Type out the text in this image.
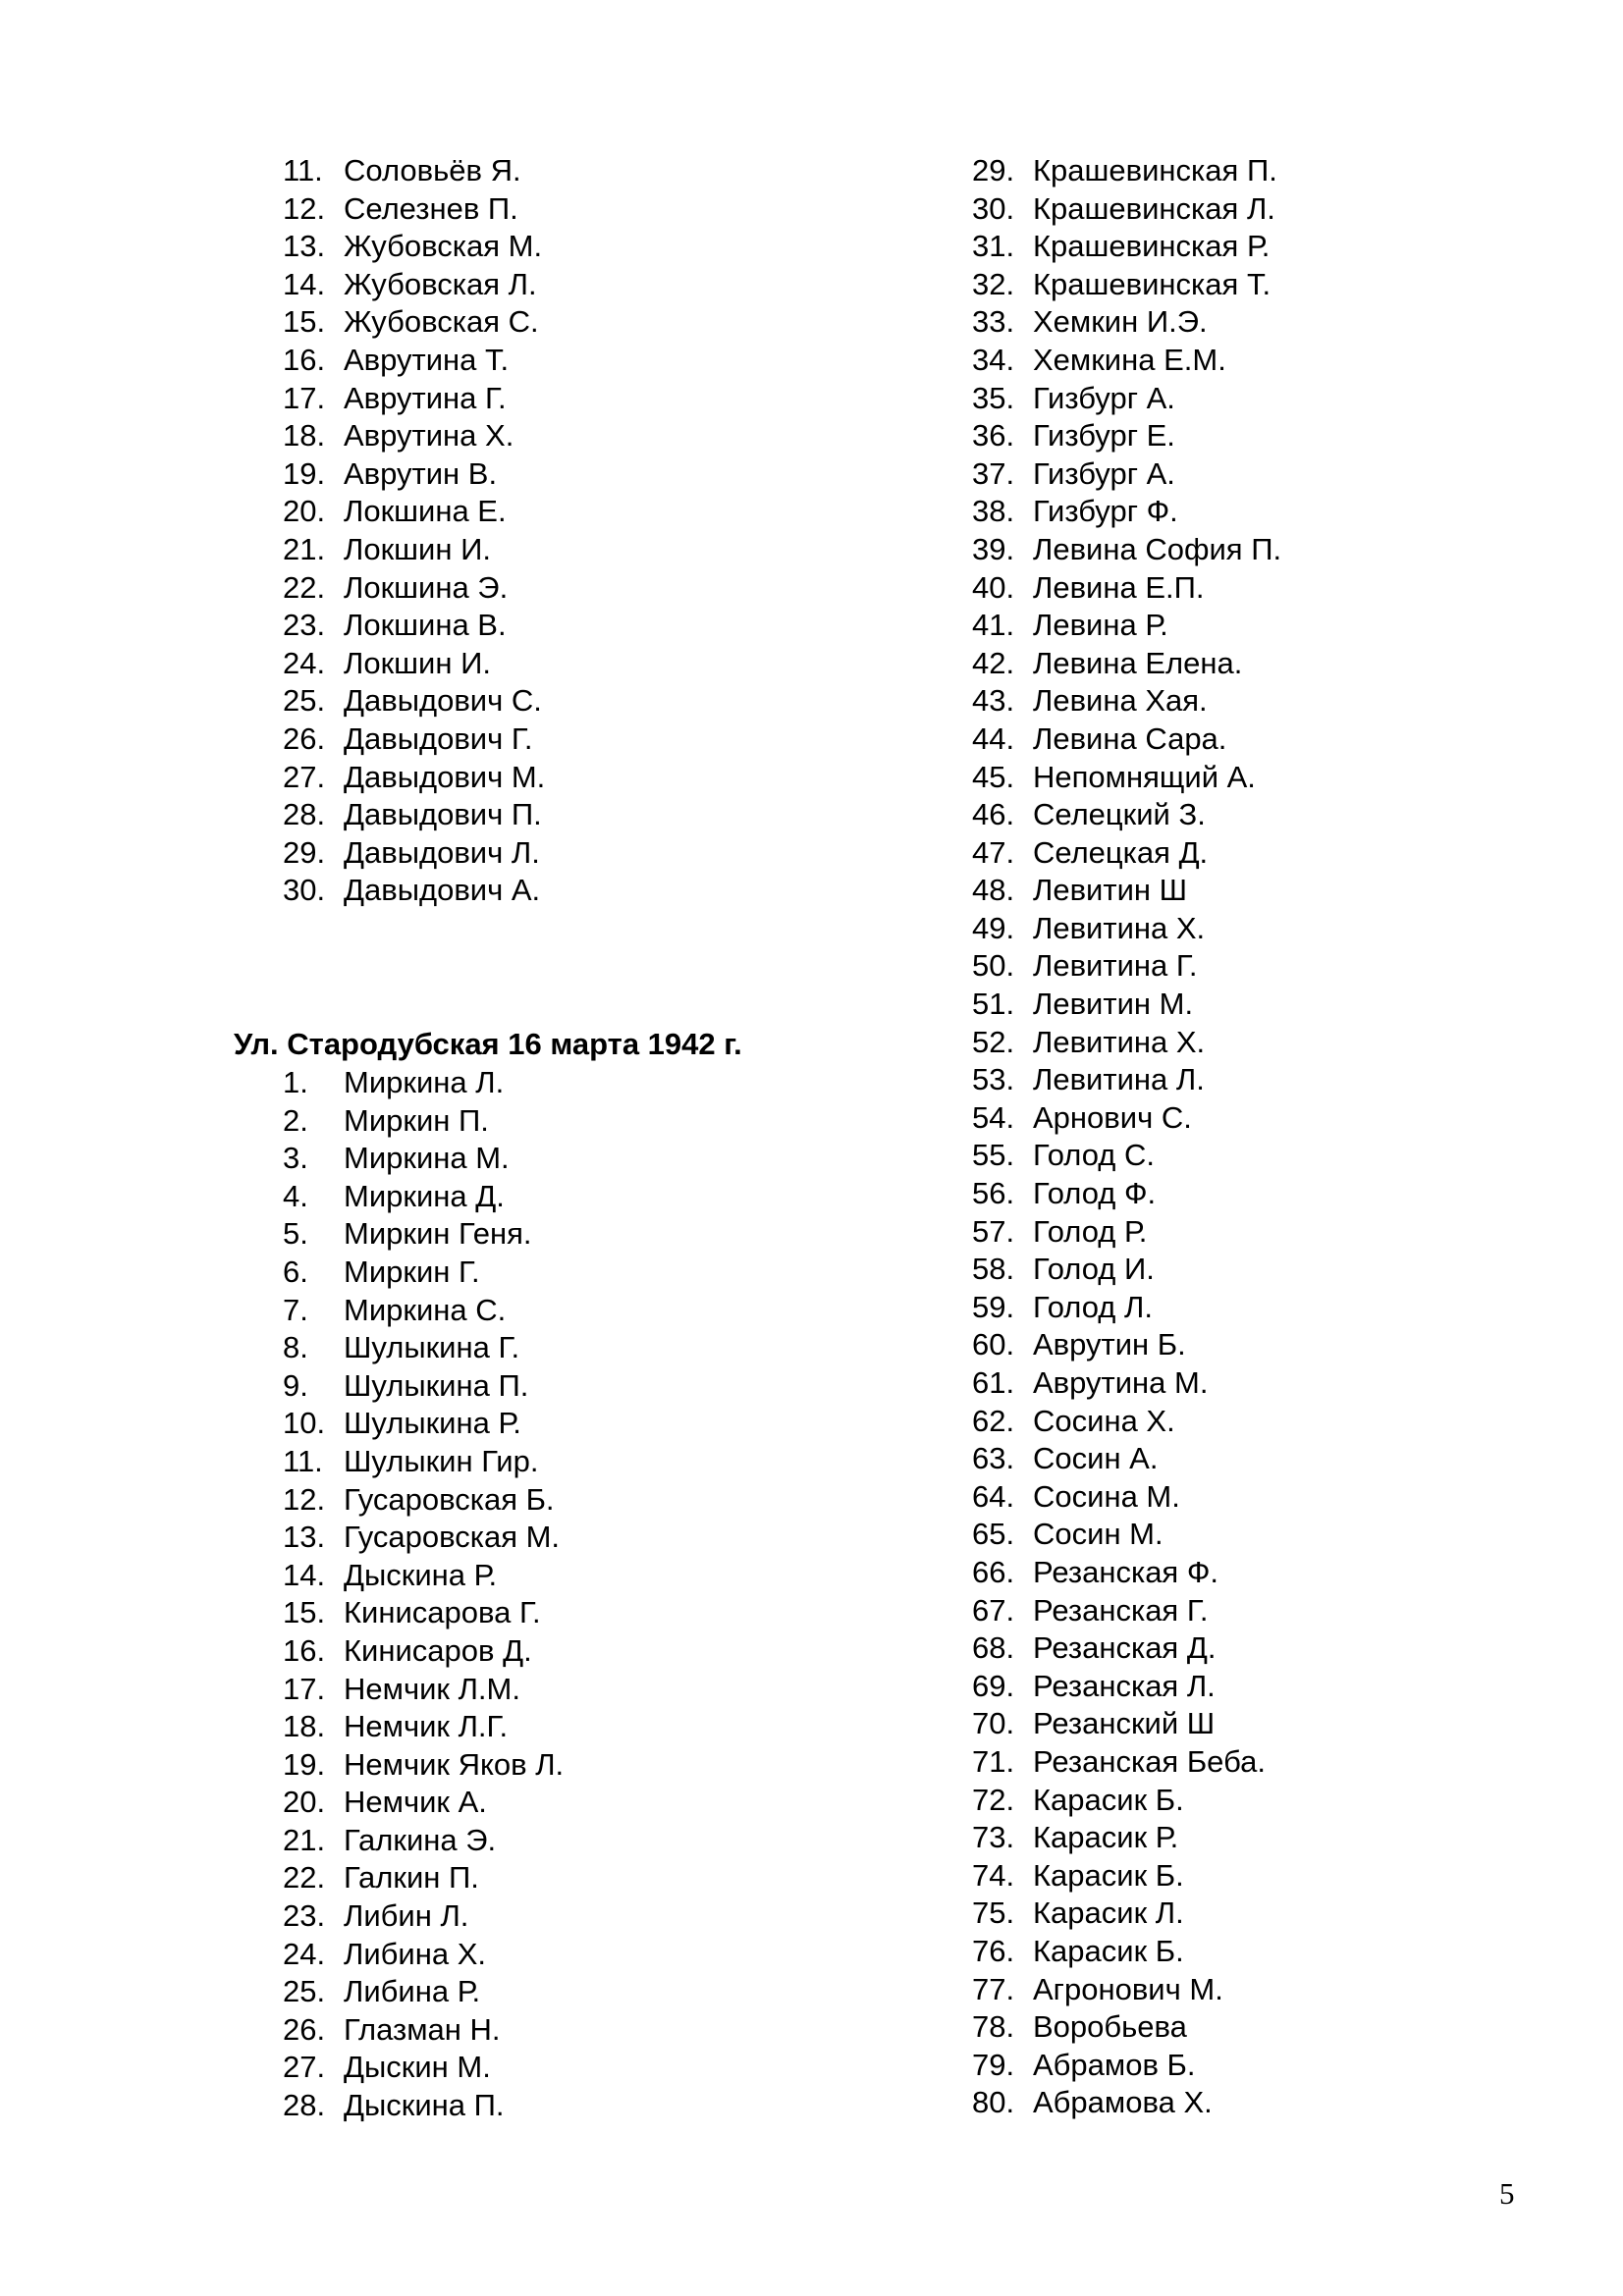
11. Соловьёв Я.
12. Селезнев П.
13. Жубовская М.
14. Жубовская Л.
15. Жубовская С.
16. Аврутина Т.
17. Аврутина Г.
18. Аврутина Х.
19. Аврутин В.
20. Локшина Е.
21. Локшин И.
22. Локшина Э.
23. Локшина В.
24. Локшин И.
25. Давыдович С.
26. Давыдович Г.
27. Давыдович М.
28. Давыдович П.
29. Давыдович Л.
30. Давыдович А.
Ул. Стародубская 16 марта 1942 г.
1.	Миркина Л.
2.	Миркин П.
3.	Миркина М.
4.	Миркина Д.
5.	Миркин Геня.
6.	Миркин Г.
7.	Миркина С.
8.	Шулыкина Г.
9.	Шулыкина П.
10. Шулыкина Р.
11. Шулыкин Гир.
12. Гусаровская Б.
13. Гусаровская М.
14. Дыскина Р.
15. Кинисарова Г.
16. Кинисаров Д.
17. Немчик Л.М.
18. Немчик Л.Г.
19. Немчик Яков Л.
20. Немчик А.
21. Галкина Э.
22. Галкин П.
23. Либин Л.
24. Либина Х.
25. Либина Р.
26. Глазман Н.
27. Дыскин М.
28. Дыскина П.
29. Крашевинская П.
30. Крашевинская Л.
31. Крашевинская Р.
32. Крашевинская Т.
33. Хемкин И.Э.
34. Хемкина Е.М.
35. Гизбург А.
36. Гизбург Е.
37. Гизбург А.
38. Гизбург Ф.
39. Левина София П.
40. Левина Е.П.
41. Левина Р.
42. Левина Елена.
43. Левина Хая.
44. Левина Сара.
45. Непомнящий А.
46. Селецкий З.
47. Селецкая Д.
48. Левитин Ш
49. Левитина Х.
50. Левитина Г.
51. Левитин М.
52. Левитина Х.
53. Левитина Л.
54. Арнович С.
55. Голод С.
56. Голод Ф.
57. Голод Р.
58. Голод И.
59. Голод Л.
60. Аврутин Б.
61. Аврутина М.
62. Сосина Х.
63. Сосин А.
64. Сосина М.
65. Сосин М.
66. Резанская Ф.
67. Резанская Г.
68. Резанская Д.
69. Резанская Л.
70. Резанский Ш
71. Резанская Беба.
72. Карасик Б.
73. Карасик Р.
74. Карасик Б.
75. Карасик Л.
76. Карасик Б.
77. Агронович М.
78. Воробьева
79. Абрамов Б.
80. Абрамова Х.
5
